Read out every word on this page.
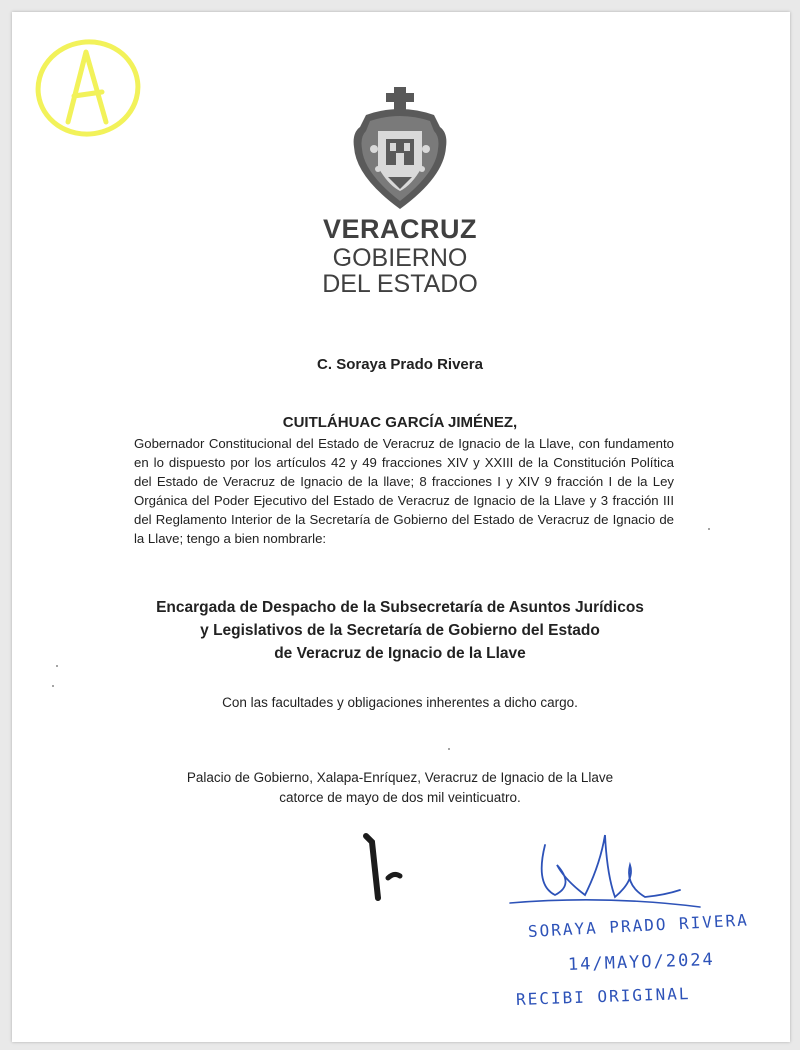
VERACRUZ
GOBIERNO
DEL ESTADO
C. Soraya Prado Rivera
CUITLÁHUAC GARCÍA JIMÉNEZ,
Gobernador Constitucional del Estado de Veracruz de Ignacio de la Llave, con fundamento en lo dispuesto por los artículos 42 y 49 fracciones XIV y XXIII de la Constitución Política del Estado de Veracruz de Ignacio de la llave; 8 fracciones I y XIV 9 fracción I de la Ley Orgánica del Poder Ejecutivo del Estado de Veracruz de Ignacio de la Llave y 3 fracción III del Reglamento Interior de la Secretaría de Gobierno del Estado de Veracruz de Ignacio de la Llave; tengo a bien nombrarle:
Encargada de Despacho de la Subsecretaría de Asuntos Jurídicos
y Legislativos de la Secretaría de Gobierno del Estado
de Veracruz de Ignacio de la Llave
Con las facultades y obligaciones inherentes a dicho cargo.
Palacio de Gobierno, Xalapa-Enríquez, Veracruz de Ignacio de la Llave
catorce de mayo de dos mil veinticuatro.
SORAYA PRADO RIVERA
14/MAYO/2024
RECIBI ORIGINAL
